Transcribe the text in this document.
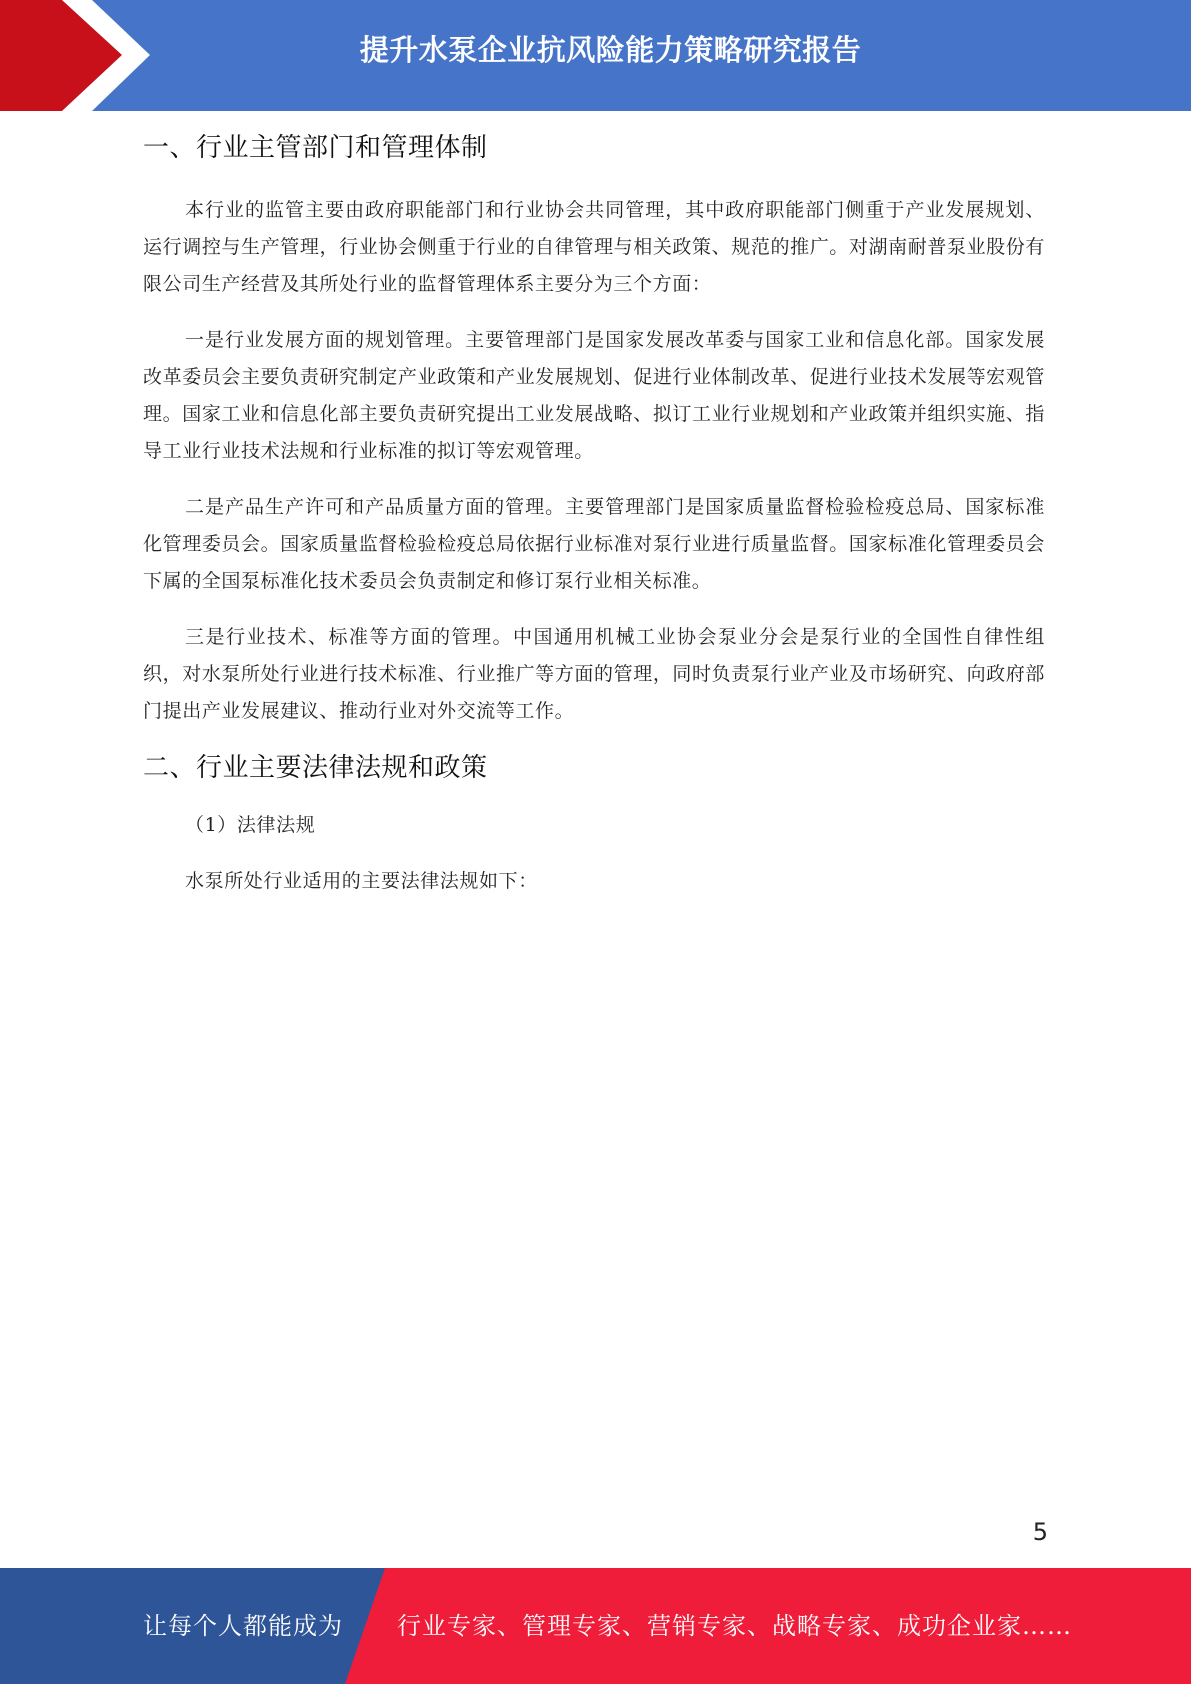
提升水泵企业抗风险能力策略研究报告
一、行业主管部门和管理体制

本行业的监管主要由政府职能部门和行业协会共同管理，其中政府职能部门侧重于产业发展规划、运行调控与生产管理，行业协会侧重于行业的自律管理与相关政策、规范的推广。对湖南耐普泵业股份有限公司生产经营及其所处行业的监督管理体系主要分为三个方面：

一是行业发展方面的规划管理。主要管理部门是国家发展改革委与国家工业和信息化部。国家发展改革委员会主要负责研究制定产业政策和产业发展规划、促进行业体制改革、促进行业技术发展等宏观管理。国家工业和信息化部主要负责研究提出工业发展战略、拟订工业行业规划和产业政策并组织实施、指导工业行业技术法规和行业标准的拟订等宏观管理。

二是产品生产许可和产品质量方面的管理。主要管理部门是国家质量监督检验检疫总局、国家标准化管理委员会。国家质量监督检验检疫总局依据行业标准对泵行业进行质量监督。国家标准化管理委员会下属的全国泵标准化技术委员会负责制定和修订泵行业相关标准。

三是行业技术、标准等方面的管理。中国通用机械工业协会泵业分会是泵行业的全国性自律性组织，对水泵所处行业进行技术标准、行业推广等方面的管理，同时负责泵行业产业及市场研究、向政府部门提出产业发展建议、推动行业对外交流等工作。

二、行业主要法律法规和政策

（1）法律法规

水泵所处行业适用的主要法律法规如下：

5
让每个人都能成为 行业专家、管理专家、营销专家、战略专家、成功企业家……
